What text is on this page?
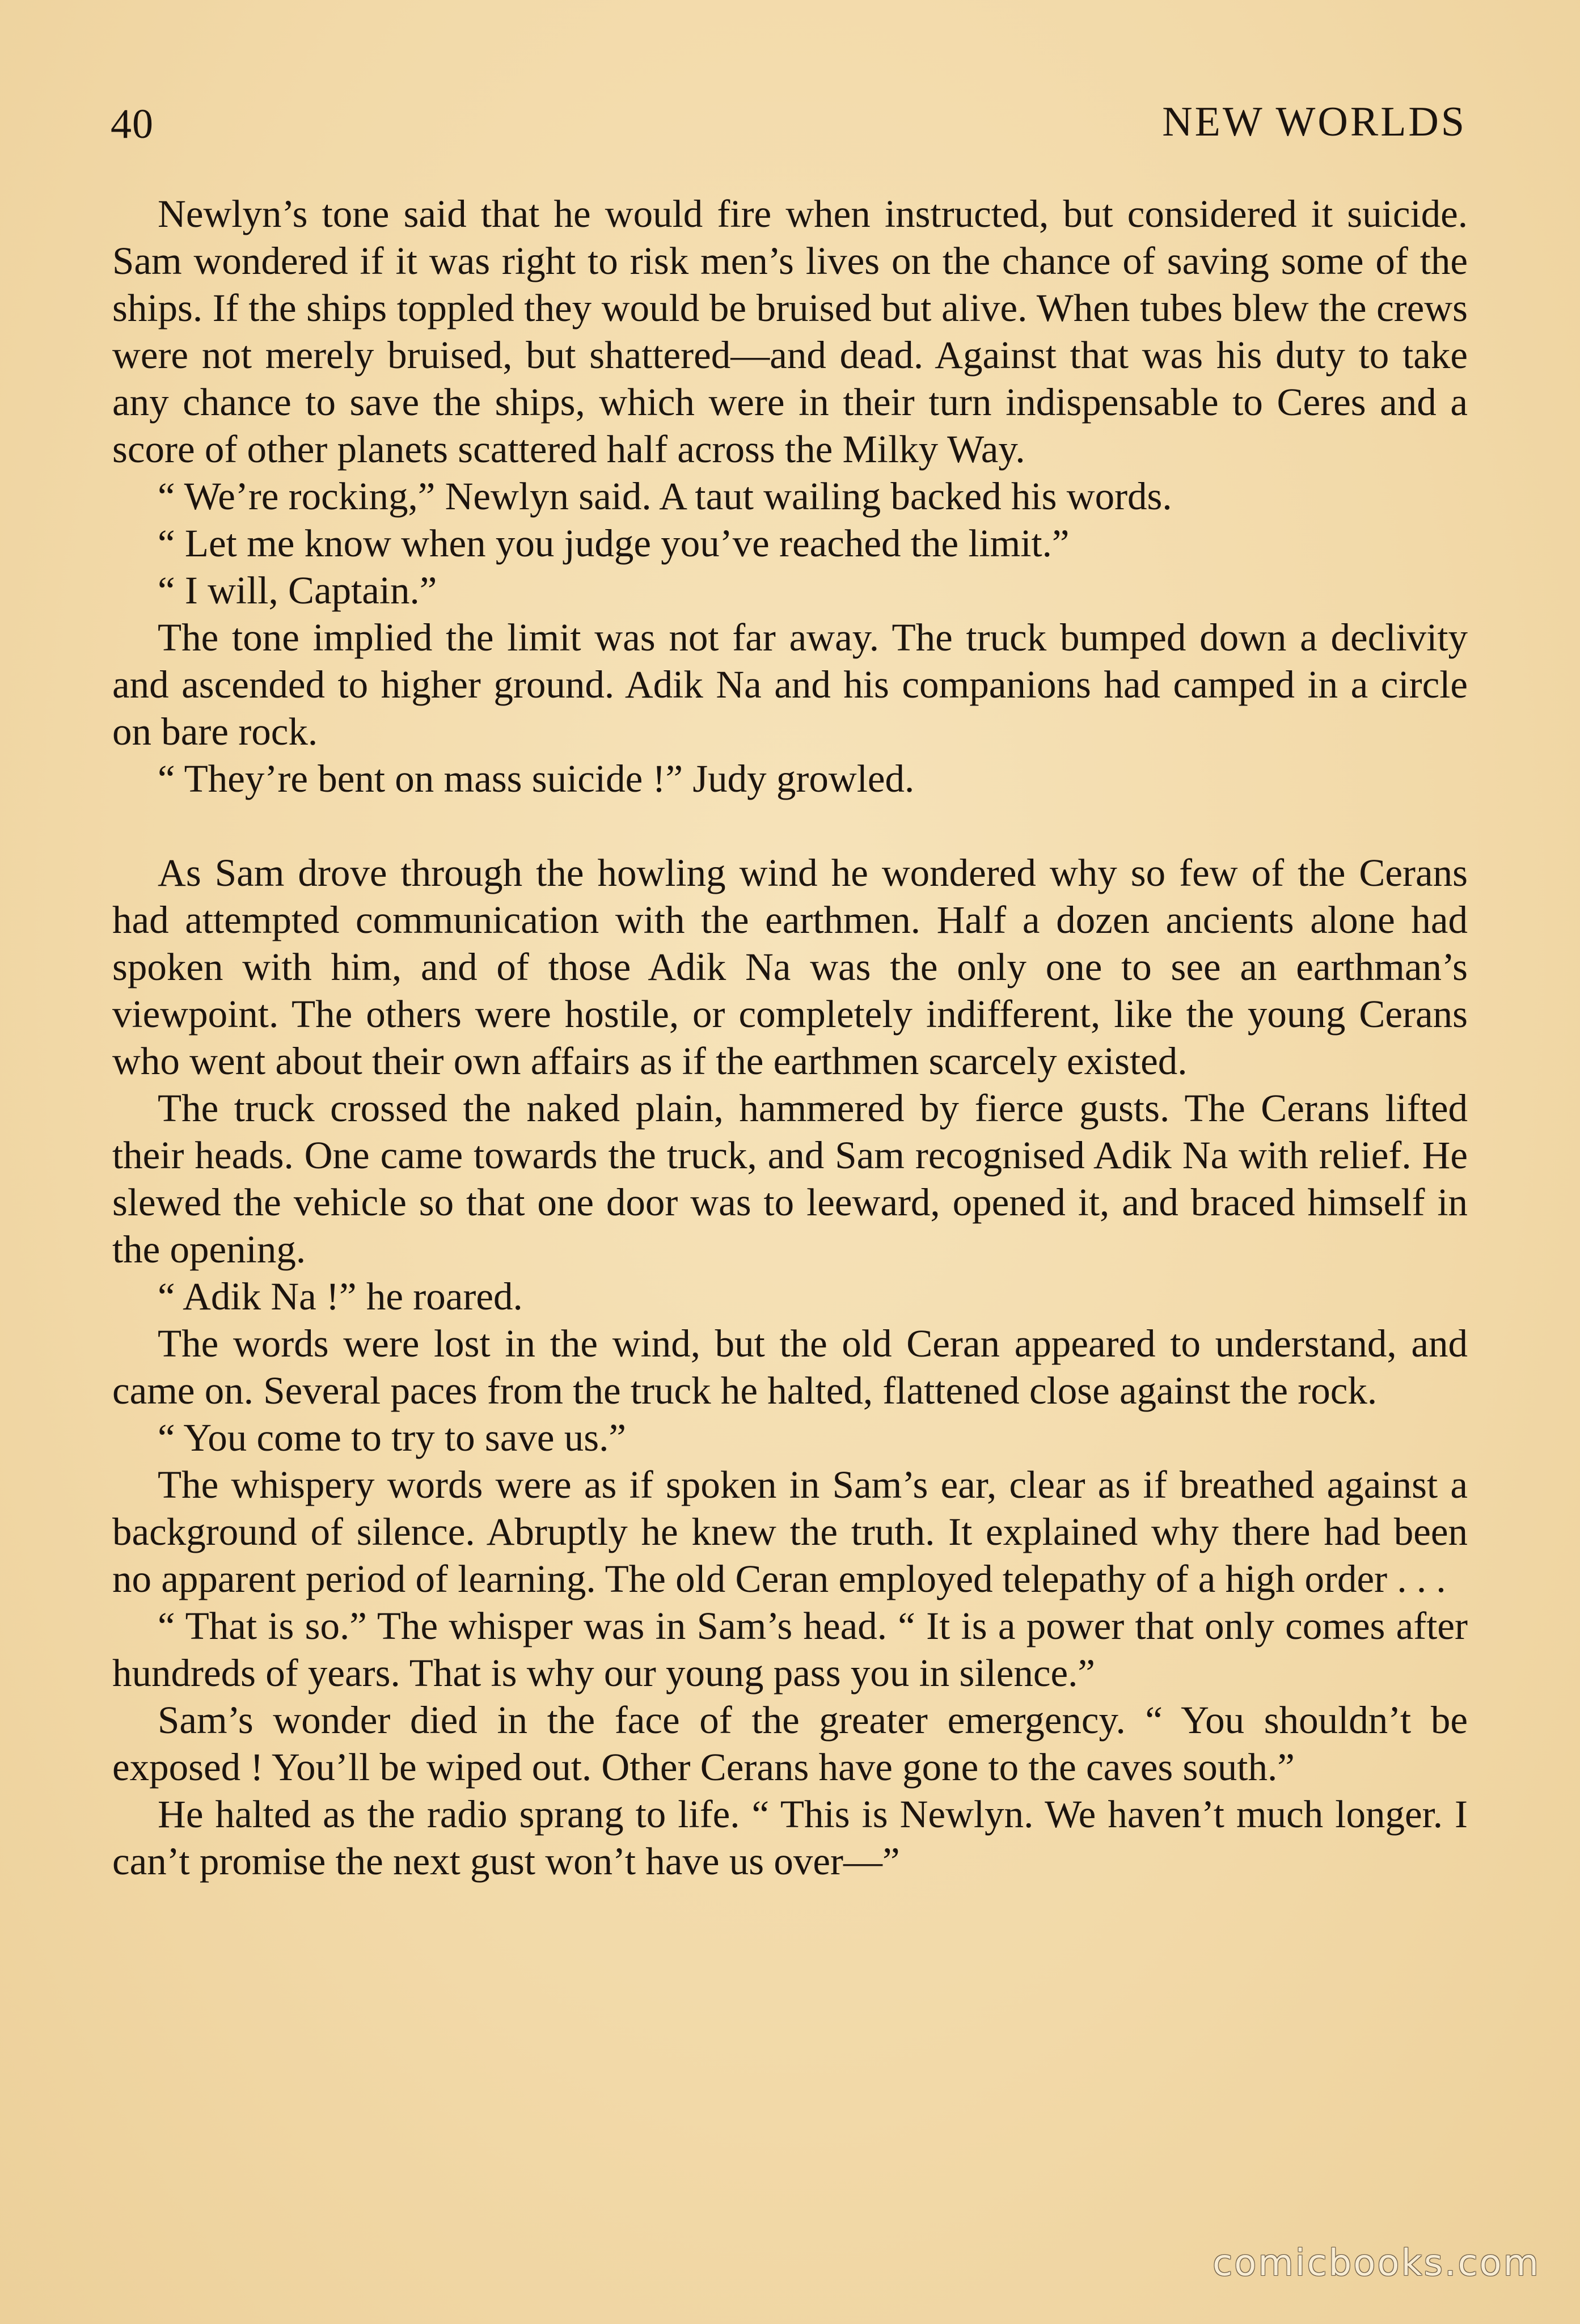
40	NEW WORLDS

Newlyn’s tone said that he would fire when instructed, but considered it suicide. Sam wondered if it was right to risk men’s lives on the chance of saving some of the ships. If the ships toppled they would be bruised but alive. When tubes blew the crews were not merely bruised, but shattered—and dead. Against that was his duty to take any chance to save the ships, which were in their turn indispensable to Ceres and a score of other planets scattered half across the Milky Way.

“ We’re rocking,” Newlyn said. A taut wailing backed his words.

“ Let me know when you judge you’ve reached the limit.”

“ I will, Captain.”

The tone implied the limit was not far away. The truck bumped down a declivity and ascended to higher ground. Adik Na and his companions had camped in a circle on bare rock.

“ They’re bent on mass suicide !” Judy growled.

As Sam drove through the howling wind he wondered why so few of the Cerans had attempted communication with the earthmen. Half a dozen ancients alone had spoken with him, and of those Adik Na was the only one to see an earthman’s viewpoint. The others were hostile, or completely indifferent, like the young Cerans who went about their own affairs as if the earthmen scarcely existed.

The truck crossed the naked plain, hammered by fierce gusts. The Cerans lifted their heads. One came towards the truck, and Sam recognised Adik Na with relief. He slewed the vehicle so that one door was to leeward, opened it, and braced himself in the opening.

“ Adik Na !” he roared.

The words were lost in the wind, but the old Ceran appeared to understand, and came on. Several paces from the truck he halted, flattened close against the rock.

“ You come to try to save us.”

The whispery words were as if spoken in Sam’s ear, clear as if breathed against a background of silence. Abruptly he knew the truth. It explained why there had been no apparent period of learning. The old Ceran employed telepathy of a high order . . .

“ That is so.” The whisper was in Sam’s head. “ It is a power that only comes after hundreds of years. That is why our young pass you in silence.”

Sam’s wonder died in the face of the greater emergency. “ You shouldn’t be exposed ! You’ll be wiped out. Other Cerans have gone to the caves south.”

He halted as the radio sprang to life. “ This is Newlyn. We haven’t much longer. I can’t promise the next gust won’t have us over—”

comicbooks.com
